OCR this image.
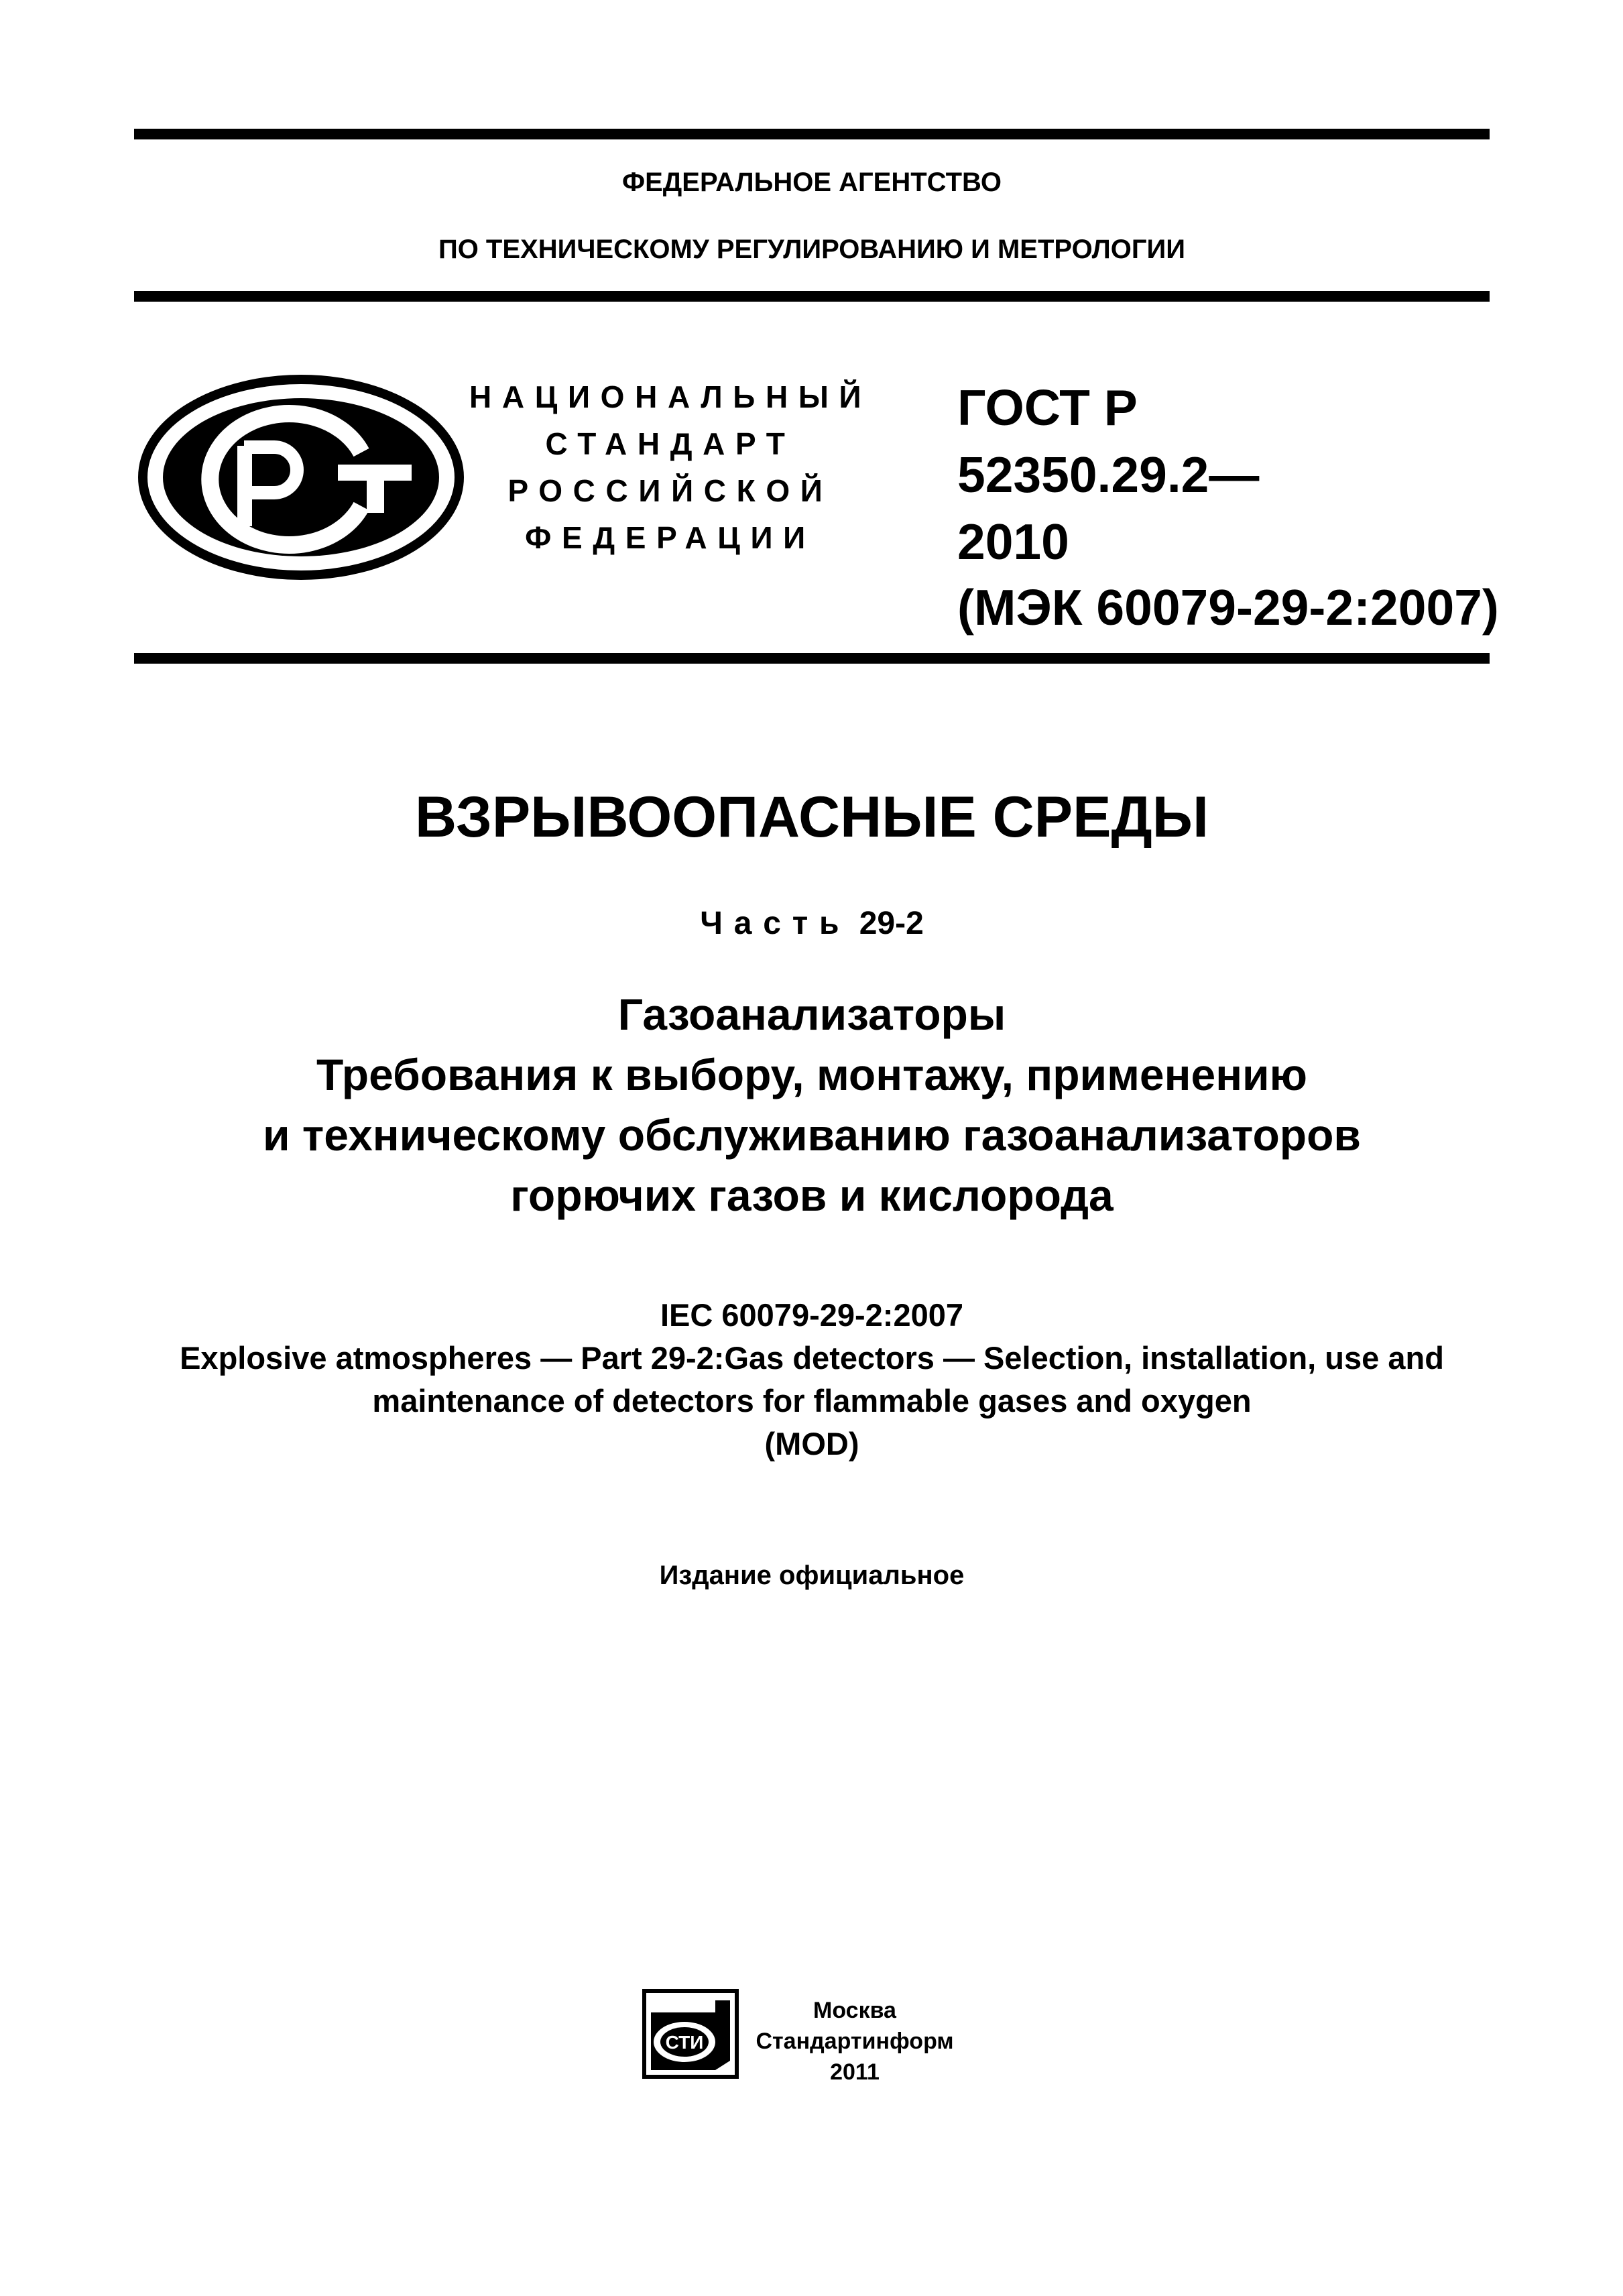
ФЕДЕРАЛЬНОЕ АГЕНТСТВО
ПО ТЕХНИЧЕСКОМУ РЕГУЛИРОВАНИЮ И МЕТРОЛОГИИ
НАЦИОНАЛЬНЫЙ
СТАНДАРТ
РОССИЙСКОЙ
ФЕДЕРАЦИИ
ГОСТ Р
52350.29.2—
2010
(МЭК 60079-29-2:2007)
ВЗРЫВООПАСНЫЕ СРЕДЫ
Часть 29-2
Газоанализаторы
Требования к выбору, монтажу, применению
и техническому обслуживанию газоанализаторов
горючих газов и кислорода
IEC 60079-29-2:2007
Explosive atmospheres — Part 29-2:Gas detectors — Selection, installation, use and
maintenance of detectors for flammable gases and oxygen
(MOD)
Издание официальное
СТИ
Москва
Стандартинформ
2011
